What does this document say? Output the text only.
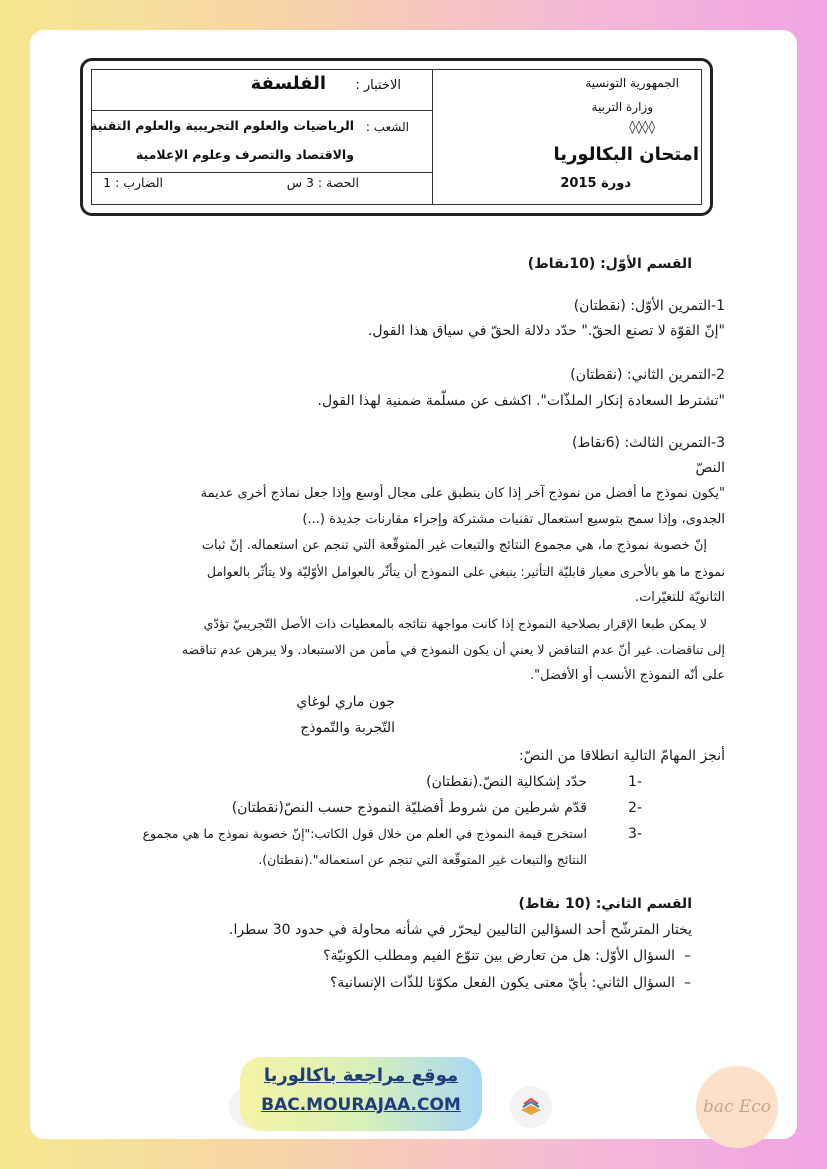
الجمهورية التونسية
وزارة التربية
◊◊◊◊
امتحان البكالوريا
دورة 2015
الاختبار :
الفلسفة
الشعب :
الرياضيات والعلوم التجريبية والعلوم التقنية
والاقتصاد والتصرف وعلوم الإعلامية
الحصة : 3 س
الضارب : 1
القسم الأوّل: (10نقاط)
1-التمرين الأوّل: (نقطتان)
"إنّ القوّة لا تصنع الحقّ." حدّد دلالة الحقّ في سياق هذا القول.
2-التمرين الثاني: (نقطتان)
"تشترط السعادة إنكار الملذّات". اكشف عن مسلّمة ضمنية لهذا القول.
3-التمرين الثالث: (6نقاط)
النصّ
"يكون نموذج ما أفضل من نموذج آخر إذا كان ينطبق على مجال أوسع وإذا جعل نماذج أخرى عديمة
الجدوى، وإذا سمح بتوسيع استعمال تقنيات مشتركة وإجراء مقارنات جديدة (...)
إنّ خصوبة نموذج ما، هي مجموع النتائج والتبعات غير المتوقّعة التي تنجم عن استعماله. إنّ ثبات
نموذج ما هو بالأحرى معيار قابليّة التأثير: ينبغي على النموذج أن يتأثّر بالعوامل الأوّليّة ولا يتأثّر بالعوامل
الثانويّة للتغيّرات.
لا يمكن طبعا الإقرار بصلاحية النموذج إذا كانت مواجهة نتائجه بالمعطيات ذات الأصل التّجريبيّ تؤدّي
إلى تناقضات. غير أنّ عدم التناقض لا يعني أن يكون النموذج في مأمن من الاستبعاد. ولا يبرهن عدم تناقضه
على أنّه النموذج الأنسب أو الأفضل".
جون ماري لوغاي
التّجربة والتّموذج
أنجز المهامّ التالية انطلاقا من النصّ:
-1
حدّد إشكالية النصّ.(نقطتان)
-2
قدّم شرطين من شروط أفضليّة النموذج حسب النصّ(نقطتان)
-3
استخرج قيمة النموذج في العلم من خلال قول الكاتب:"إنّ خصوبة نموذج ما هي مجموع
النتائج والتبعات غير المتوقّعة التي تنجم عن استعماله".(نقطتان).
القسم الثاني: (10 نقاط)
يختار المترشّح أحد السؤالين التاليين ليحرّر في شأنه محاولة في حدود 30 سطرا.
–
السؤال الأوّل: هل من تعارض بين تنوّع الفيم ومطلب الكونيّة؟
–
السؤال الثاني: بأيّ معنى يكون الفعل مكوّنا للذّات الإنسانية؟
موقع مراجعة باكالوريا
BAC.MOURAJAA.COM	bac Eco
